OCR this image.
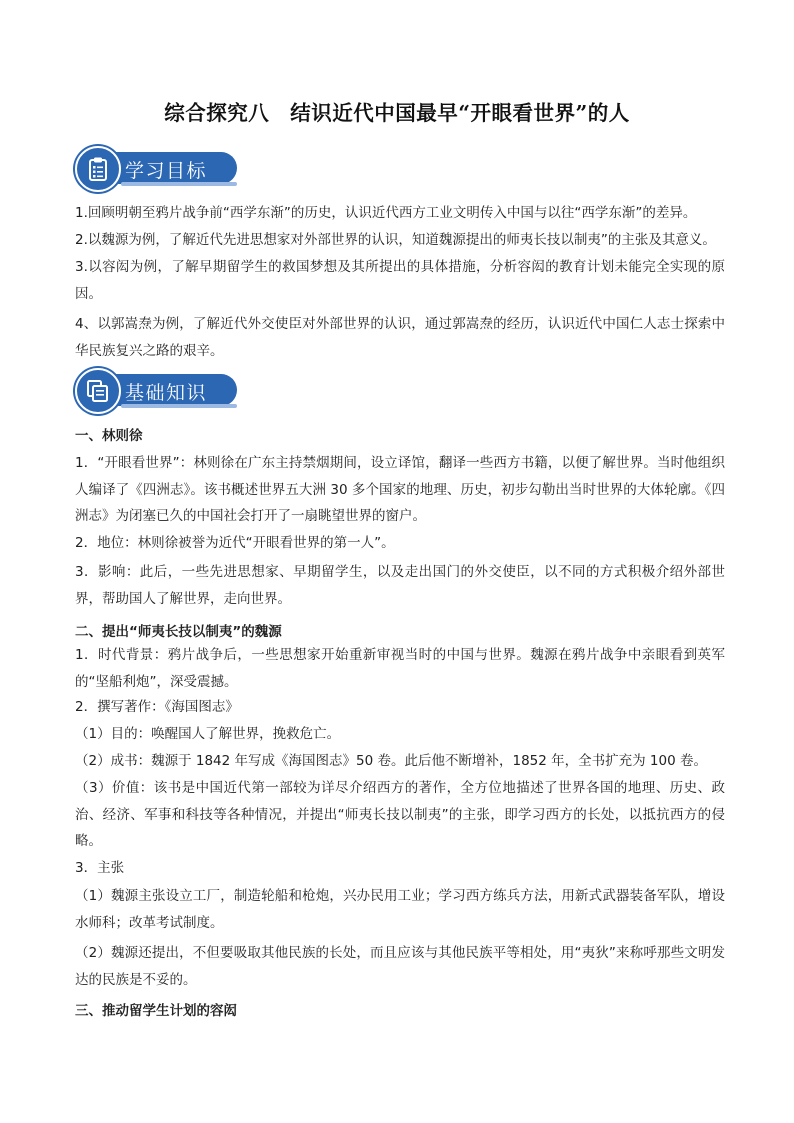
综合探究八　结识近代中国最早“开眼看世界”的人
学习目标
1.回顾明朝至鸦片战争前“西学东渐”的历史，认识近代西方工业文明传入中国与以往“西学东渐”的差异。
2.以魏源为例，了解近代先进思想家对外部世界的认识，知道魏源提出的师夷长技以制夷”的主张及其意义。
3.以容闳为例，了解早期留学生的救国梦想及其所提出的具体措施，分析容闳的教育计划未能完全实现的原因。
4、以郭嵩焘为例，了解近代外交使臣对外部世界的认识，通过郭嵩焘的经历，认识近代中国仁人志士探索中华民族复兴之路的艰辛。
基础知识
一、林则徐
1．“开眼看世界”：林则徐在广东主持禁烟期间，设立译馆，翻译一些西方书籍，以便了解世界。当时他组织人编译了《四洲志》。该书概述世界五大洲 30 多个国家的地理、历史，初步勾勒出当时世界的大体轮廓。《四洲志》为闭塞已久的中国社会打开了一扇眺望世界的窗户。
2．地位：林则徐被誉为近代“开眼看世界的第一人”。
3．影响：此后，一些先进思想家、早期留学生，以及走出国门的外交使臣，以不同的方式积极介绍外部世界，帮助国人了解世界，走向世界。
二、提出“师夷长技以制夷”的魏源
1．时代背景：鸦片战争后，一些思想家开始重新审视当时的中国与世界。魏源在鸦片战争中亲眼看到英军的“坚船利炮”，深受震撼。
2．撰写著作：《海国图志》
（1）目的：唤醒国人了解世界，挽救危亡。
（2）成书：魏源于 1842 年写成《海国图志》50 卷。此后他不断增补，1852 年，全书扩充为 100 卷。
（3）价值：该书是中国近代第一部较为详尽介绍西方的著作，全方位地描述了世界各国的地理、历史、政治、经济、军事和科技等各种情况，并提出“师夷长技以制夷”的主张，即学习西方的长处，以抵抗西方的侵略。
3．主张
（1）魏源主张设立工厂，制造轮船和枪炮，兴办民用工业；学习西方练兵方法，用新式武器装备军队，增设水师科；改革考试制度。
（2）魏源还提出，不但要吸取其他民族的长处，而且应该与其他民族平等相处，用“夷狄”来称呼那些文明发达的民族是不妥的。
三、推动留学生计划的容闳
